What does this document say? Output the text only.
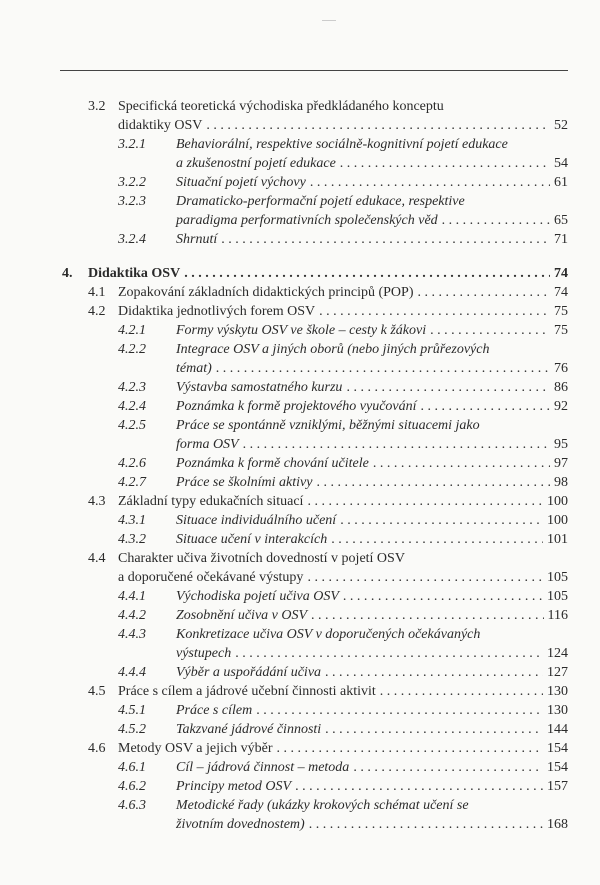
3.2 Specifická teoretická východiska předkládaného konceptu
didaktiky OSV . . .	52
3.2.1 Behaviorální, respektive sociálně-kognitivní pojetí edukace
a zkušenostní pojetí edukace . . .	54
3.2.2 Situační pojetí výchovy . . .	61
3.2.3 Dramaticko-performační pojetí edukace, respektive
paradigma performativních společenských věd . . .	65
3.2.4 Shrnutí . . .	71
4. Didaktika OSV . . .	74
4.1 Zopakování základních didaktických principů (POP) . . .	74
4.2 Didaktika jednotlivých forem OSV . . .	75
4.2.1 Formy výskytu OSV ve škole – cesty k žákovi . . .	75
4.2.2 Integrace OSV a jiných oborů (nebo jiných průřezových
témat) . . .	76
4.2.3 Výstavba samostatného kurzu . . .	86
4.2.4 Poznámka k formě projektového vyučování . . .	92
4.2.5 Práce se spontánně vzniklými, běžnými situacemi jako
forma OSV . . .	95
4.2.6 Poznámka k formě chování učitele . . .	97
4.2.7 Práce se školními aktivy . . .	98
4.3 Základní typy edukačních situací . . .	100
4.3.1 Situace individuálního učení . . .	100
4.3.2 Situace učení v interakcích . . .	101
4.4 Charakter učiva životních dovedností v pojetí OSV
a doporučené očekávané výstupy . . .	105
4.4.1 Východiska pojetí učiva OSV . . .	105
4.4.2 Zosobnění učiva v OSV . . .	116
4.4.3 Konkretizace učiva OSV v doporučených očekávaných
výstupech . . .	124
4.4.4 Výběr a uspořádání učiva . . .	127
4.5 Práce s cílem a jádrové učební činnosti aktivit . . .	130
4.5.1 Práce s cílem . . .	130
4.5.2 Takzvané jádrové činnosti . . .	144
4.6 Metody OSV a jejich výběr . . .	154
4.6.1 Cíl – jádrová činnost – metoda . . .	154
4.6.2 Principy metod OSV . . .	157
4.6.3 Metodické řady (ukázky krokových schémat učení se
životním dovednostem) . . .	168
